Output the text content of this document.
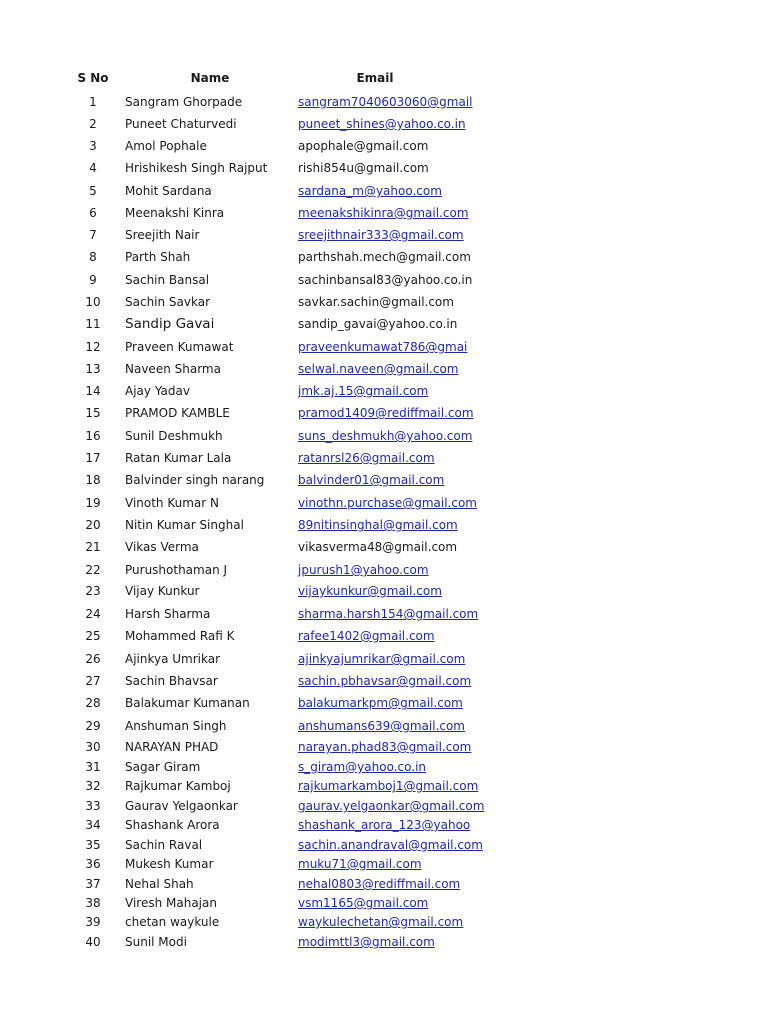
S No	Name	Email
1	Sangram Ghorpade	sangram7040603060@gmail
2	Puneet Chaturvedi	puneet_shines@yahoo.co.in
3	Amol Pophale	apophale@gmail.com
4	Hrishikesh Singh Rajput	rishi854u@gmail.com
5	Mohit Sardana	sardana_m@yahoo.com
6	Meenakshi Kinra	meenakshikinra@gmail.com
7	Sreejith Nair	sreejithnair333@gmail.com
8	Parth Shah	parthshah.mech@gmail.com
9	Sachin Bansal	sachinbansal83@yahoo.co.in
10	Sachin Savkar	savkar.sachin@gmail.com
11	Sandip Gavai	sandip_gavai@yahoo.co.in
12	Praveen Kumawat	praveenkumawat786@gmai
13	Naveen Sharma	selwal.naveen@gmail.com
14	Ajay Yadav	jmk.aj.15@gmail.com
15	PRAMOD KAMBLE	pramod1409@rediffmail.com
16	Sunil Deshmukh	suns_deshmukh@yahoo.com
17	Ratan Kumar Lala	ratanrsl26@gmail.com
18	Balvinder singh narang	balvinder01@gmail.com
19	Vinoth Kumar N	vinothn.purchase@gmail.com
20	Nitin Kumar Singhal	89nitinsinghal@gmail.com
21	Vikas Verma	vikasverma48@gmail.com
22	Purushothaman J	jpurush1@yahoo.com
23	Vijay Kunkur	vijaykunkur@gmail.com
24	Harsh Sharma	sharma.harsh154@gmail.com
25	Mohammed Rafi K	rafee1402@gmail.com
26	Ajinkya Umrikar	ajinkyajumrikar@gmail.com
27	Sachin Bhavsar	sachin.pbhavsar@gmail.com
28	Balakumar Kumanan	balakumarkpm@gmail.com
29	Anshuman Singh	anshumans639@gmail.com
30	NARAYAN PHAD	narayan.phad83@gmail.com
31	Sagar Giram	s_giram@yahoo.co.in
32	Rajkumar Kamboj	rajkumarkamboj1@gmail.com
33	Gaurav Yelgaonkar	gaurav.yelgaonkar@gmail.com
34	Shashank Arora	shashank_arora_123@yahoo
35	Sachin Raval	sachin.anandraval@gmail.com
36	Mukesh Kumar	muku71@gmail.com
37	Nehal Shah	nehal0803@rediffmail.com
38	Viresh Mahajan	vsm1165@gmail.com
39	chetan waykule	waykulechetan@gmail.com
40	Sunil Modi	modimttl3@gmail.com
